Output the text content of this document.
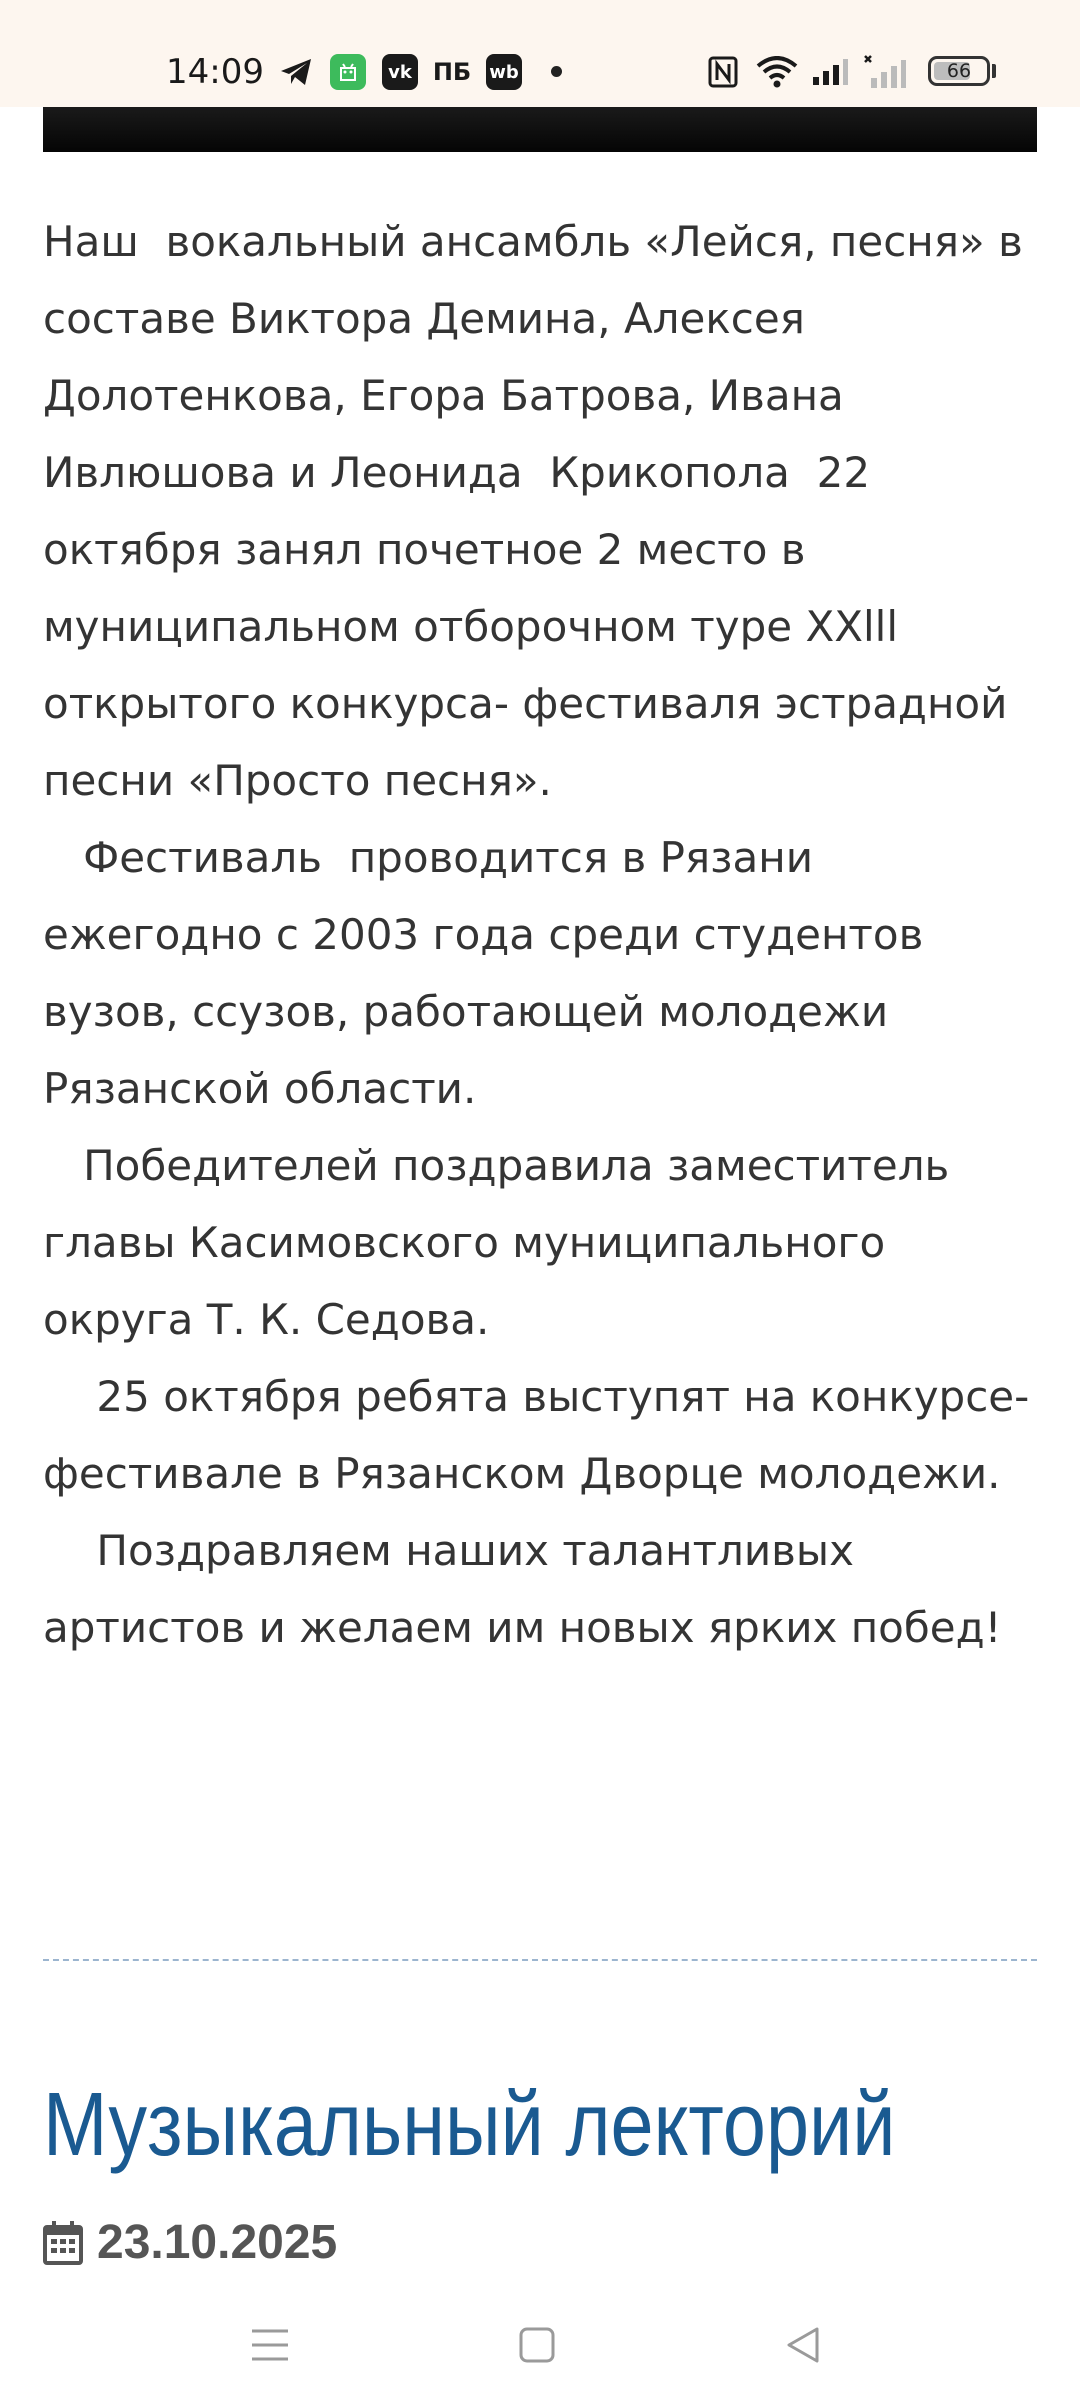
14:09	vk ПБ wb	66

Наш  вокальный ансамбль «Лейся, песня» в составе Виктора Демина, Алексея Долотенкова, Егора Батрова, Ивана Ивлюшова и Леонида  Крикопола  22 октября занял почетное 2 место в муниципальном отборочном туре XXlll открытого конкурса- фестиваля эстрадной песни «Просто песня».

Фестиваль  проводится в Рязани ежегодно с 2003 года среди студентов вузов, ссузов, работающей молодежи Рязанской области.

Победителей поздравила заместитель главы Касимовского муниципального округа Т. К. Седова.

25 октября ребята выступят на конкурсе- фестивале в Рязанском Дворце молодежи.

Поздравляем наших талантливых артистов и желаем им новых ярких побед!

Музыкальный лекторий
23.10.2025
